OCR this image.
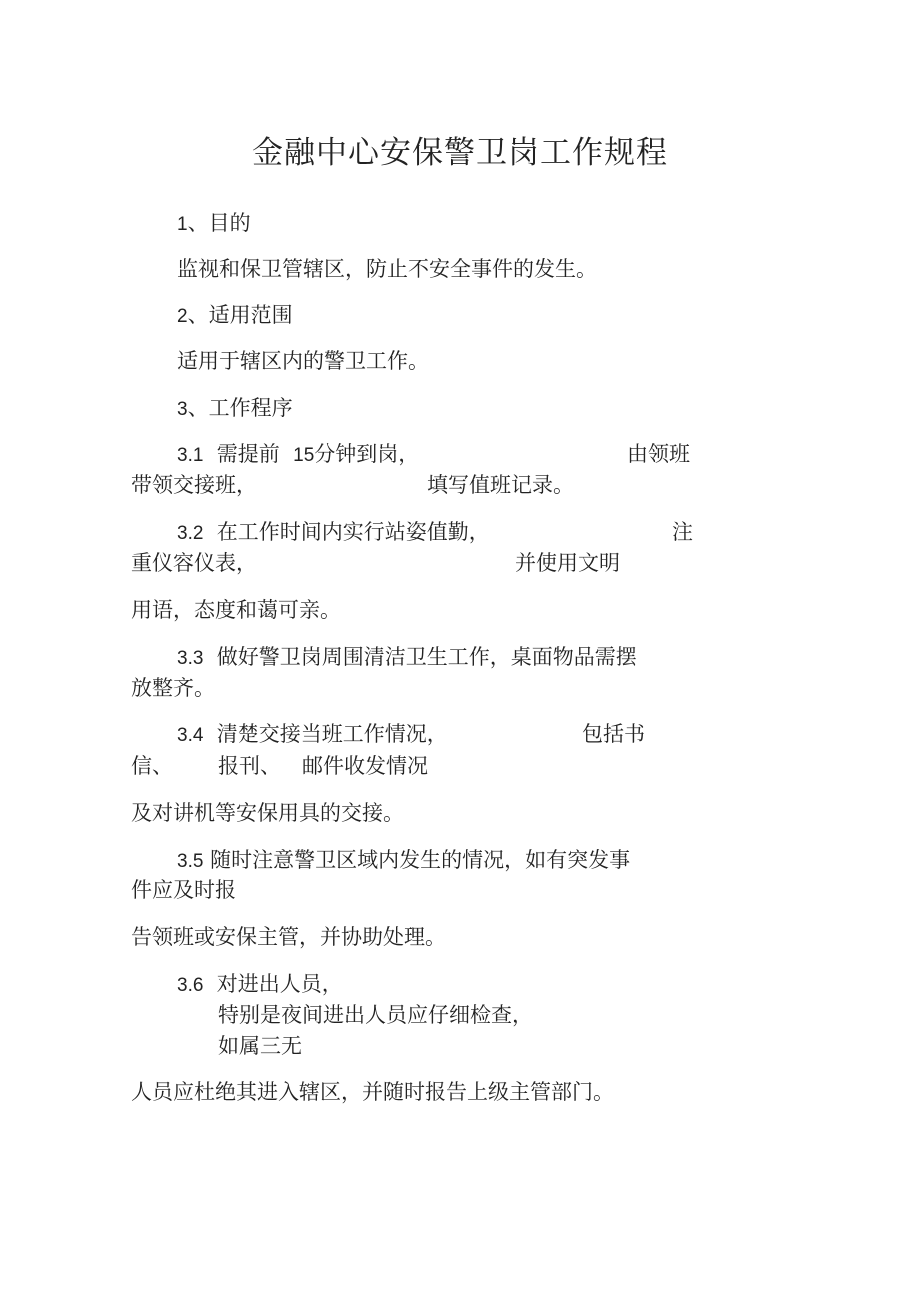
金融中心安保警卫岗工作规程
1、目的
监视和保卫管辖区，防止不安全事件的发生。
2、适用范围
适用于辖区内的警卫工作。
3、工作程序
3.1 需提前 15分钟到岗，	由领班
带领交接班，	填写值班记录。
3.2 在工作时间内实行站姿值勤，	注
重仪容仪表，	并使用文明
用语，态度和蔼可亲。
3.3 做好警卫岗周围清洁卫生工作，桌面物品需摆
放整齐。
3.4 清楚交接当班工作情况，	包括书
信、 报刊、 邮件收发情况
及对讲机等安保用具的交接。
3.5 随时注意警卫区域内发生的情况，如有突发事
件应及时报
告领班或安保主管，并协助处理。
3.6 对进出人员，
特别是夜间进出人员应仔细检查，
如属三无
人员应杜绝其进入辖区，并随时报告上级主管部门。
